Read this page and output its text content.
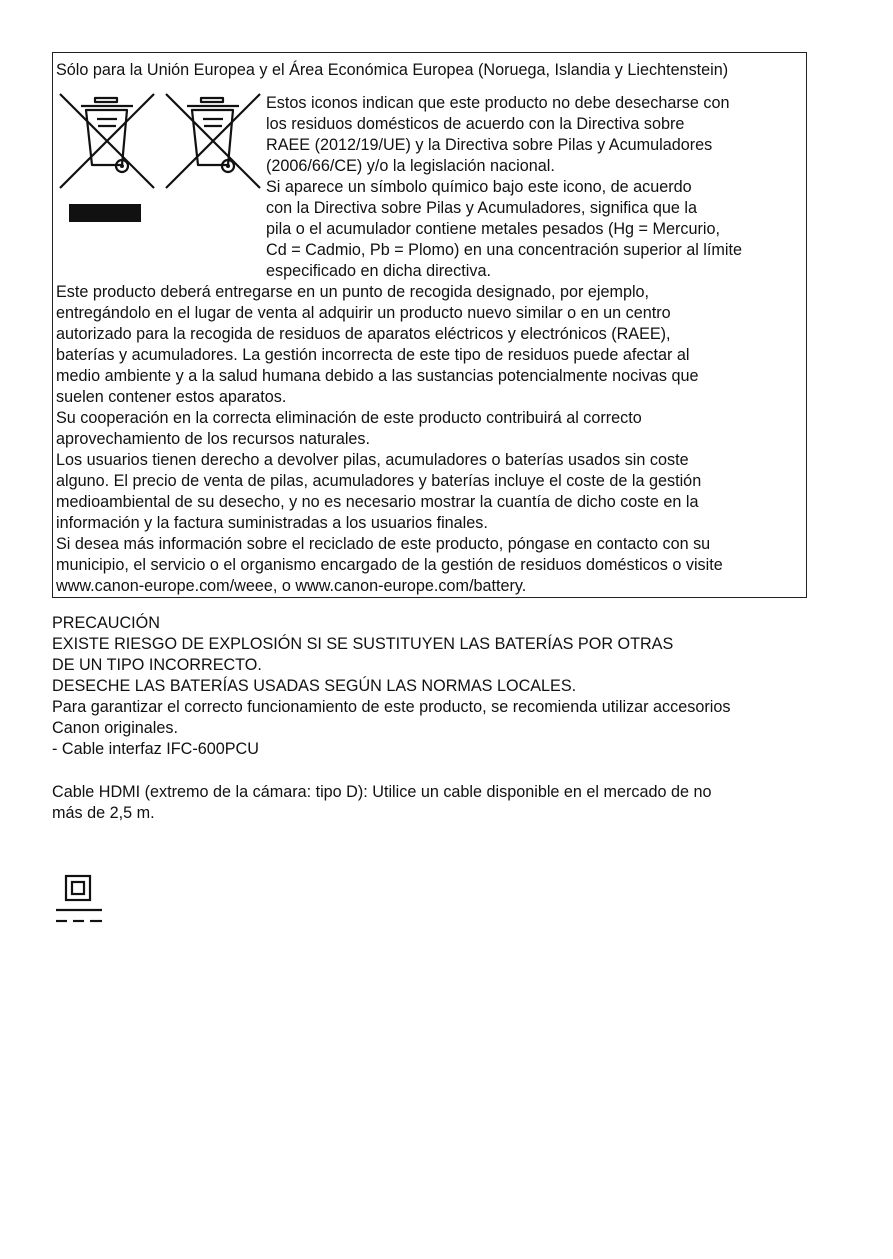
Sólo para la Unión Europea y el Área Económica Europea (Noruega, Islandia y Liechtenstein)
Estos iconos indican que este producto no debe desecharse con
los residuos domésticos de acuerdo con la Directiva sobre
RAEE (2012/19/UE) y la Directiva sobre Pilas y Acumuladores
(2006/66/CE) y/o la legislación nacional.
Si aparece un símbolo químico bajo este icono, de acuerdo
con la Directiva sobre Pilas y Acumuladores, significa que la
pila o el acumulador contiene metales pesados (Hg = Mercurio,
Cd = Cadmio, Pb = Plomo) en una concentración superior al límite
especificado en dicha directiva.
Este producto deberá entregarse en un punto de recogida designado, por ejemplo,
entregándolo en el lugar de venta al adquirir un producto nuevo similar o en un centro
autorizado para la recogida de residuos de aparatos eléctricos y electrónicos (RAEE),
baterías y acumuladores. La gestión incorrecta de este tipo de residuos puede afectar al
medio ambiente y a la salud humana debido a las sustancias potencialmente nocivas que
suelen contener estos aparatos.
Su cooperación en la correcta eliminación de este producto contribuirá al correcto
aprovechamiento de los recursos naturales.
Los usuarios tienen derecho a devolver pilas, acumuladores o baterías usados sin coste
alguno. El precio de venta de pilas, acumuladores y baterías incluye el coste de la gestión
medioambiental de su desecho, y no es necesario mostrar la cuantía de dicho coste en la
información y la factura suministradas a los usuarios finales.
Si desea más información sobre el reciclado de este producto, póngase en contacto con su
municipio, el servicio o el organismo encargado de la gestión de residuos domésticos o visite
www.canon-europe.com/weee, o www.canon-europe.com/battery.
PRECAUCIÓN
EXISTE RIESGO DE EXPLOSIÓN SI SE SUSTITUYEN LAS BATERÍAS POR OTRAS
DE UN TIPO INCORRECTO.
DESECHE LAS BATERÍAS USADAS SEGÚN LAS NORMAS LOCALES.
Para garantizar el correcto funcionamiento de este producto, se recomienda utilizar accesorios
Canon originales.
- Cable interfaz IFC-600PCU
Cable HDMI (extremo de la cámara: tipo D): Utilice un cable disponible en el mercado de no
más de 2,5 m.
